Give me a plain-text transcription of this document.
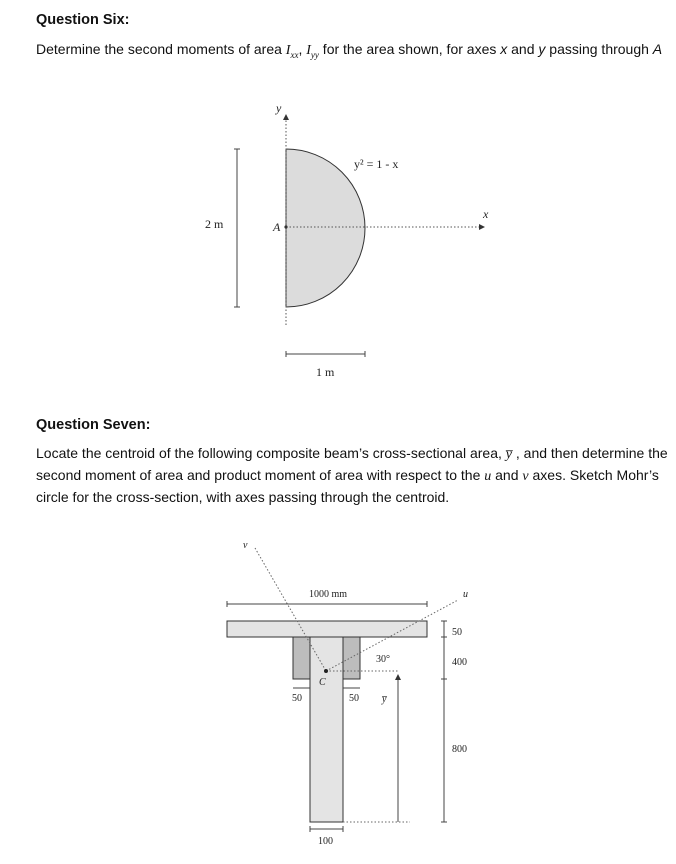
Question Six:
Determine the second moments of area $I_{xx}$, $I_{yy}$ for the area shown, for axes x and y passing through A
Question Seven:
Locate the centroid of the following composite beam’s cross-sectional area, y̅ , and then determine the
second moment of area and product moment of area with respect to the u and v axes. Sketch Mohr’s
circle for the cross-section, with axes passing through the centroid.
y
x
A
y² = 1 - x
2 m
1 m
v
u
C
30°
1000 mm
50
400
800
y̅
50	50
100
